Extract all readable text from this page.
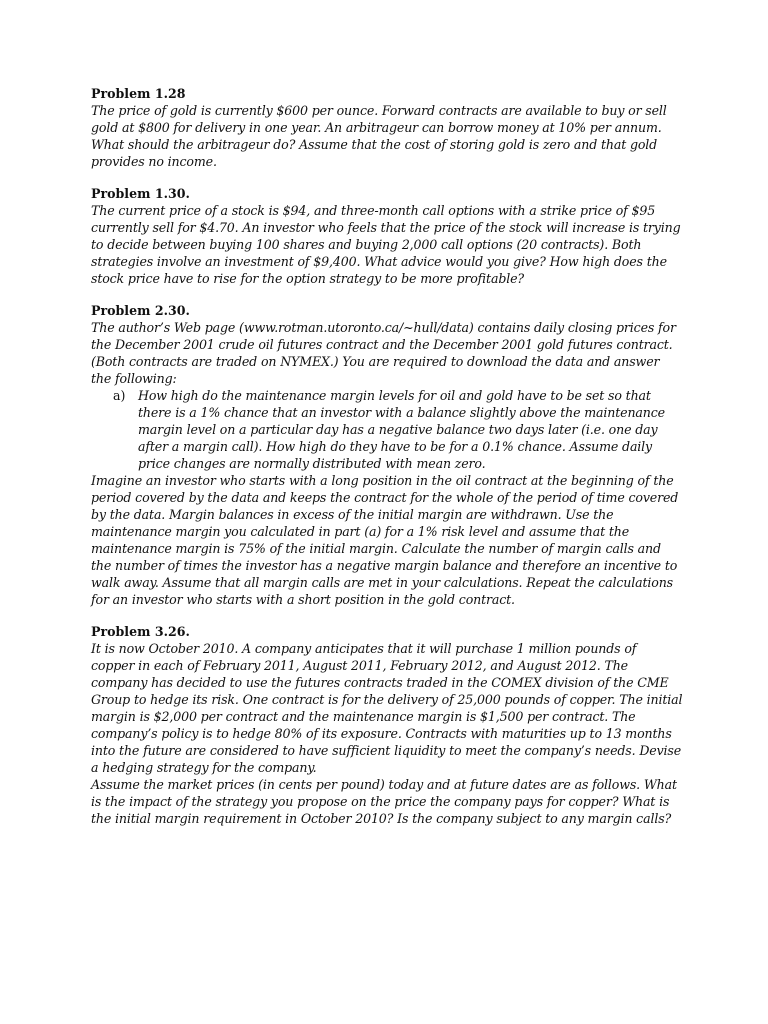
Problem 1.28

The price of gold is currently $600 per ounce. Forward contracts are available to buy or sell gold at $800 for delivery in one year. An arbitrageur can borrow money at 10% per annum. What should the arbitrageur do? Assume that the cost of storing gold is zero and that gold provides no income.

Problem 1.30.

The current price of a stock is $94, and three-month call options with a strike price of $95 currently sell for $4.70. An investor who feels that the price of the stock will increase is trying to decide between buying 100 shares and buying 2,000 call options (20 contracts). Both strategies involve an investment of $9,400. What advice would you give? How high does the stock price have to rise for the option strategy to be more profitable?

Problem 2.30.

The author’s Web page (www.rotman.utoronto.ca/~hull/data) contains daily closing prices for the December 2001 crude oil futures contract and the December 2001 gold futures contract. (Both contracts are traded on NYMEX.) You are required to download the data and answer the following:

a) How high do the maintenance margin levels for oil and gold have to be set so that there is a 1% chance that an investor with a balance slightly above the maintenance margin level on a particular day has a negative balance two days later (i.e. one day after a margin call). How high do they have to be for a 0.1% chance. Assume daily price changes are normally distributed with mean zero.

Imagine an investor who starts with a long position in the oil contract at the beginning of the period covered by the data and keeps the contract for the whole of the period of time covered by the data. Margin balances in excess of the initial margin are withdrawn. Use the maintenance margin you calculated in part (a) for a 1% risk level and assume that the maintenance margin is 75% of the initial margin. Calculate the number of margin calls and the number of times the investor has a negative margin balance and therefore an incentive to walk away. Assume that all margin calls are met in your calculations. Repeat the calculations for an investor who starts with a short position in the gold contract.

Problem 3.26.

It is now October 2010. A company anticipates that it will purchase 1 million pounds of copper in each of February 2011, August 2011, February 2012, and August 2012. The company has decided to use the futures contracts traded in the COMEX division of the CME Group to hedge its risk. One contract is for the delivery of 25,000 pounds of copper. The initial margin is $2,000 per contract and the maintenance margin is $1,500 per contract. The company’s policy is to hedge 80% of its exposure. Contracts with maturities up to 13 months into the future are considered to have sufficient liquidity to meet the company’s needs. Devise a hedging strategy for the company.

Assume the market prices (in cents per pound) today and at future dates are as follows. What is the impact of the strategy you propose on the price the company pays for copper? What is the initial margin requirement in October 2010? Is the company subject to any margin calls?
